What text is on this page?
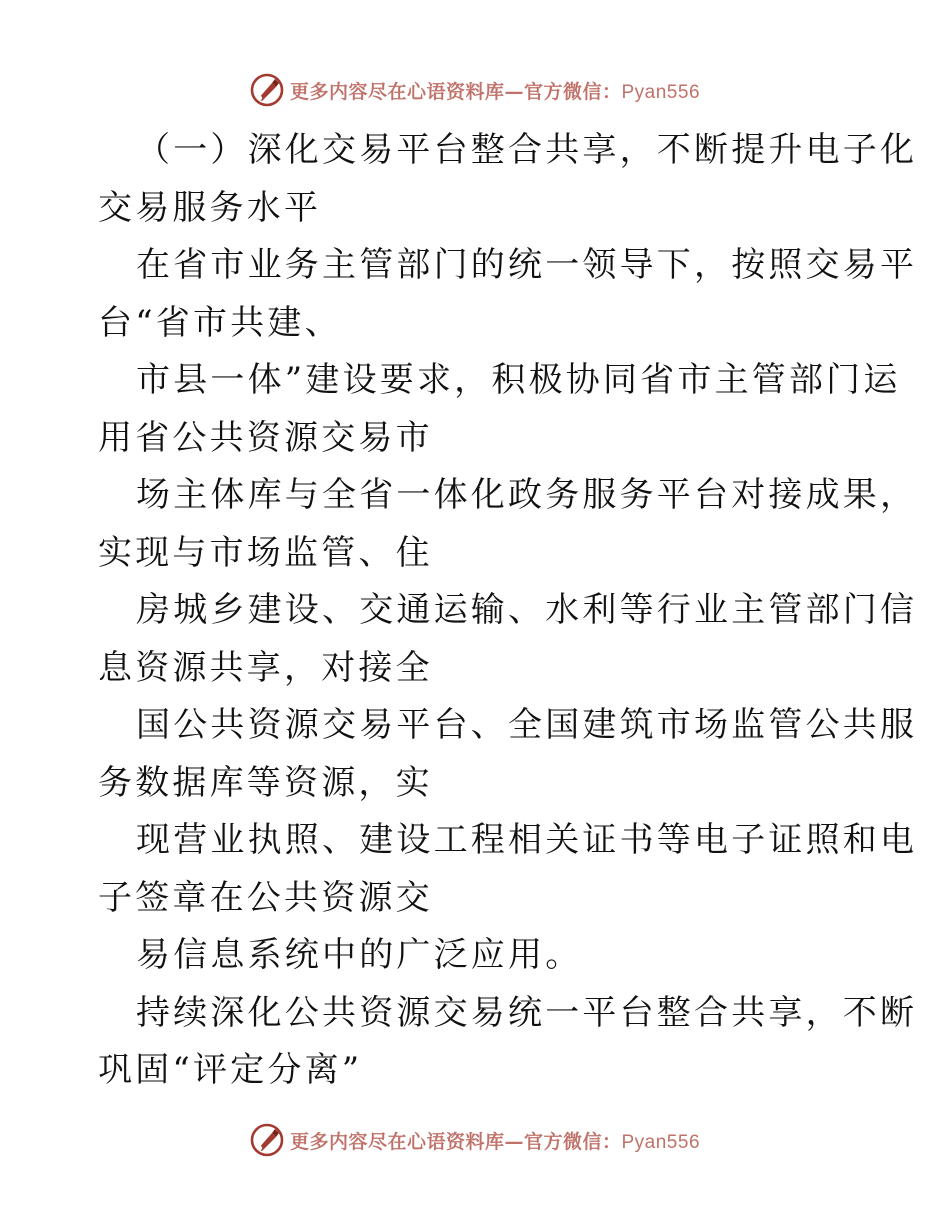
更多内容尽在心语资料库—官方微信：Pyan556
（一）深化交易平台整合共享，不断提升电子化
交易服务水平
在省市业务主管部门的统一领导下，按照交易平
台“省市共建、
市县一体”建设要求，积极协同省市主管部门运
用省公共资源交易市
场主体库与全省一体化政务服务平台对接成果，
实现与市场监管、住
房城乡建设、交通运输、水利等行业主管部门信
息资源共享，对接全
国公共资源交易平台、全国建筑市场监管公共服
务数据库等资源，实
现营业执照、建设工程相关证书等电子证照和电
子签章在公共资源交
易信息系统中的广泛应用。
持续深化公共资源交易统一平台整合共享，不断
巩固“评定分离”
更多内容尽在心语资料库—官方微信：Pyan556
